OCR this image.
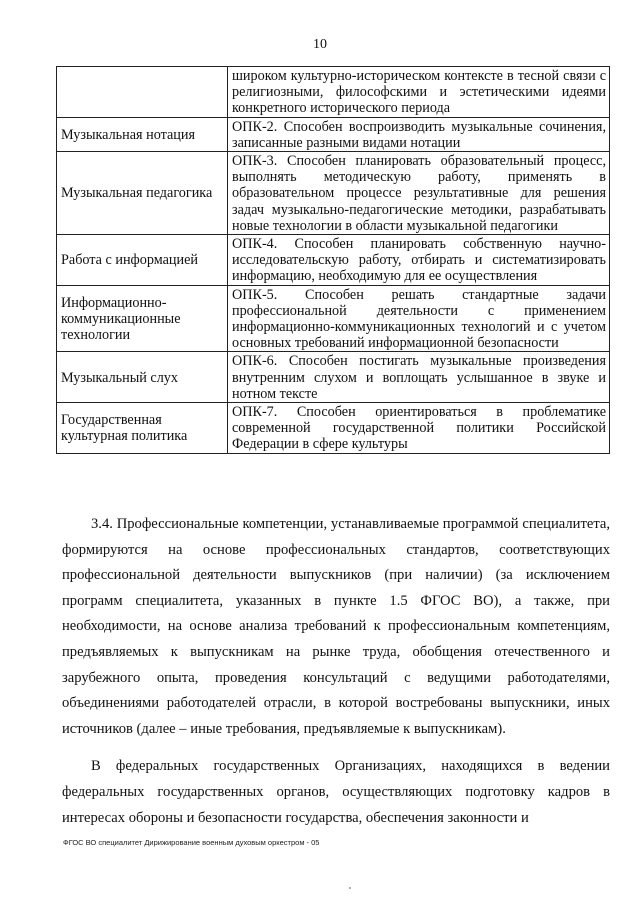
10
	широком культурно-историческом контексте в тесной связи с религиозными, философскими и эстетическими идеями конкретного исторического периода
Музыкальная нотация	ОПК-2. Способен воспроизводить музыкальные сочинения, записанные разными видами нотации
Музыкальная педагогика	ОПК-3. Способен планировать образовательный процесс, выполнять методическую работу, применять в образовательном процессе результативные для решения задач музыкально-педагогические методики, разрабатывать новые технологии в области музыкальной педагогики
Работа с информацией	ОПК-4. Способен планировать собственную научно-исследовательскую работу, отбирать и систематизировать информацию, необходимую для ее осуществления
Информационно-коммуникационные технологии	ОПК-5. Способен решать стандартные задачи профессиональной деятельности с применением информационно-коммуникационных технологий и с учетом основных требований информационной безопасности
Музыкальный слух	ОПК-6. Способен постигать музыкальные произведения внутренним слухом и воплощать услышанное в звуке и нотном тексте
Государственная культурная политика	ОПК-7. Способен ориентироваться в проблематике современной государственной политики Российской Федерации в сфере культуры

3.4. Профессиональные компетенции, устанавливаемые программой специалитета, формируются на основе профессиональных стандартов, соответствующих профессиональной деятельности выпускников (при наличии) (за исключением программ специалитета, указанных в пункте 1.5 ФГОС ВО), а также, при необходимости, на основе анализа требований к профессиональным компетенциям, предъявляемых к выпускникам на рынке труда, обобщения отечественного и зарубежного опыта, проведения консультаций с ведущими работодателями, объединениями работодателей отрасли, в которой востребованы выпускники, иных источников (далее – иные требования, предъявляемые к выпускникам).

В федеральных государственных Организациях, находящихся в ведении федеральных государственных органов, осуществляющих подготовку кадров в интересах обороны и безопасности государства, обеспечения законности и

ФГОС ВО специалитет Дирижирование военным духовым оркестром - 05
